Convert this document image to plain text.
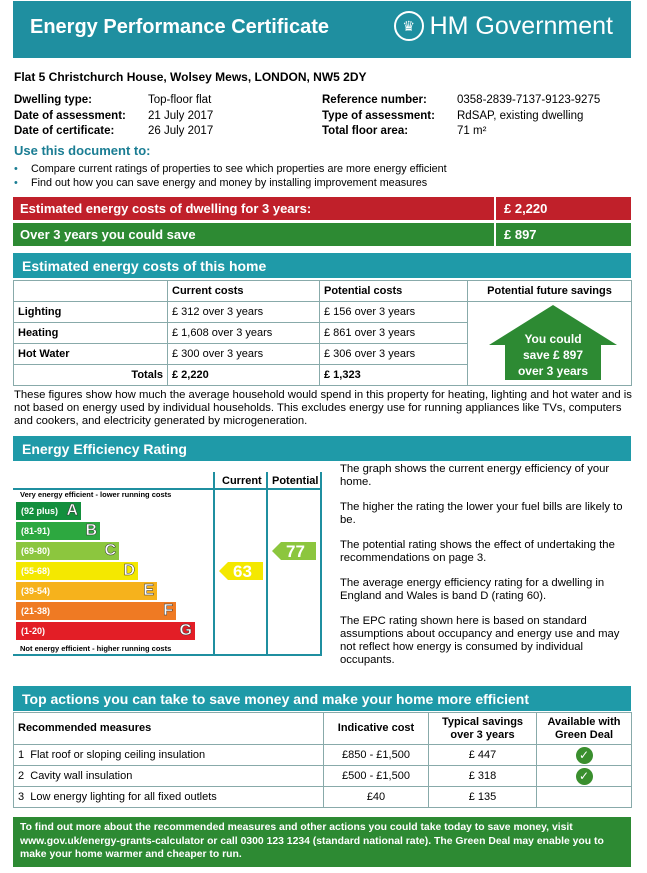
Energy Performance Certificate	♛ HM Government
Flat 5 Christchurch House, Wolsey Mews, LONDON, NW5 2DY
Dwelling type:	Top-floor flat
Date of assessment:	21 July 2017
Date of certificate:	26 July 2017
Reference number:	0358-2839-7137-9123-9275
Type of assessment:	RdSAP, existing dwelling
Total floor area:	71 m²
Use this document to:
•	Compare current ratings of properties to see which properties are more energy efficient
•	Find out how you can save energy and money by installing improvement measures
Estimated energy costs of dwelling for 3 years:	£ 2,220
Over 3 years you could save	£ 897
Estimated energy costs of this home
	Current costs	Potential costs	Potential future savings
Lighting	£ 312 over 3 years	£ 156 over 3 years	
Heating	£ 1,608 over 3 years	£ 861 over 3 years	
Hot Water	£ 300 over 3 years	£ 306 over 3 years	
Totals	£ 2,220	£ 1,323	
You could
save £ 897
over 3 years
These figures show how much the average household would spend in this property for heating, lighting and hot water and is not based on energy used by individual households. This excludes energy use for running appliances like TVs, computers and cookers, and electricity generated by microgeneration.
Energy Efficiency Rating
Current Potential
Very energy efficient - lower running costs
Not energy efficient - higher running costs
(92 plus) A
(81-91) B
(69-80)	C
(55-68)	D
(39-54)	E
(21-38)	F
(1-20)	G
63
77

The graph shows the current energy efficiency of your home.

The higher the rating the lower your fuel bills are likely to be.

The potential rating shows the effect of undertaking the recommendations on page 3.

The average energy efficiency rating for a dwelling in England and Wales is band D (rating 60).

The EPC rating shown here is based on standard assumptions about occupancy and energy use and may not reflect how energy is consumed by individual occupants.

Top actions you can take to save money and make your home more efficient
Recommended measures	Indicative cost	Typical savings over 3 years	Available with Green Deal
1 Flat roof or sloping ceiling insulation	£850 - £1,500	£ 447	✓
2 Cavity wall insulation	£500 - £1,500	£ 318	✓
3 Low energy lighting for all fixed outlets	£40	£ 135	
To find out more about the recommended measures and other actions you could take today to save money, visit
www.gov.uk/energy-grants-calculator or call 0300 123 1234 (standard national rate). The Green Deal may enable you to
make your home warmer and cheaper to run.
